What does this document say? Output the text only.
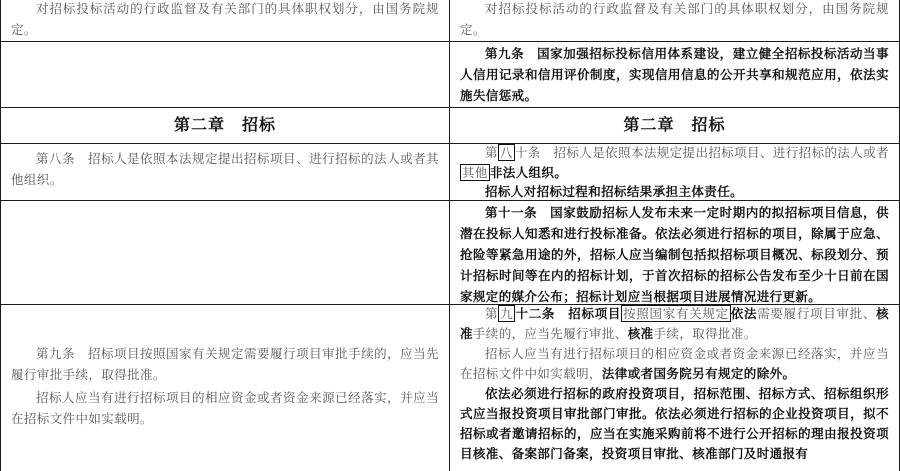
对招标投标活动的行政监督及有关部门的具体职权划分，由国务院规定。

对招标投标活动的行政监督及有关部门的具体职权划分，由国务院规定。

第九条　国家加强招标投标信用体系建设，建立健全招标投标活动当事人信用记录和信用评价制度，实现信用信息的公开共享和规范应用，依法实施失信惩戒。

第二章　招标	第二章　招标

第八条　招标人是依照本法规定提出招标项目、进行招标的法人或者其他组织。

第 八 十条　招标人是依照本法规定提出招标项目、进行招标的法人或者其他 非法人组织。

招标人对招标过程和招标结果承担主体责任。

第十一条　国家鼓励招标人发布未来一定时期内的拟招标项目信息，供潜在投标人知悉和进行投标准备。依法必须进行招标的项目，除属于应急、抢险等紧急用途的外，招标人应当编制包括拟招标项目概况、标段划分、预计招标时间等在内的招标计划，于首次招标的招标公告发布至少十日前在国家规定的媒介公布；招标计划应当根据项目进展情况进行更新。

第九条　招标项目按照国家有关规定需要履行项目审批手续的，应当先履行审批手续，取得批准。

招标人应当有进行招标项目的相应资金或者资金来源已经落实，并应当在招标文件中如实载明。

第 九 十二条　招标项目 按照国家有关规定 依法需要履行项目审批、核准手续的，应当先履行审批、核准手续，取得批准。

招标人应当有进行招标项目的相应资金或者资金来源已经落实，并应当在招标文件中如实载明，法律或者国务院另有规定的除外。

依法必须进行招标的政府投资项目，招标范围、招标方式、招标组织形式应当报投资项目审批部门审批。依法必须进行招标的企业投资项目，拟不招标或者邀请招标的，应当在实施采购前将不进行公开招标的理由报投资项目核准、备案部门备案，投资项目审批、核准部门及时通报有
